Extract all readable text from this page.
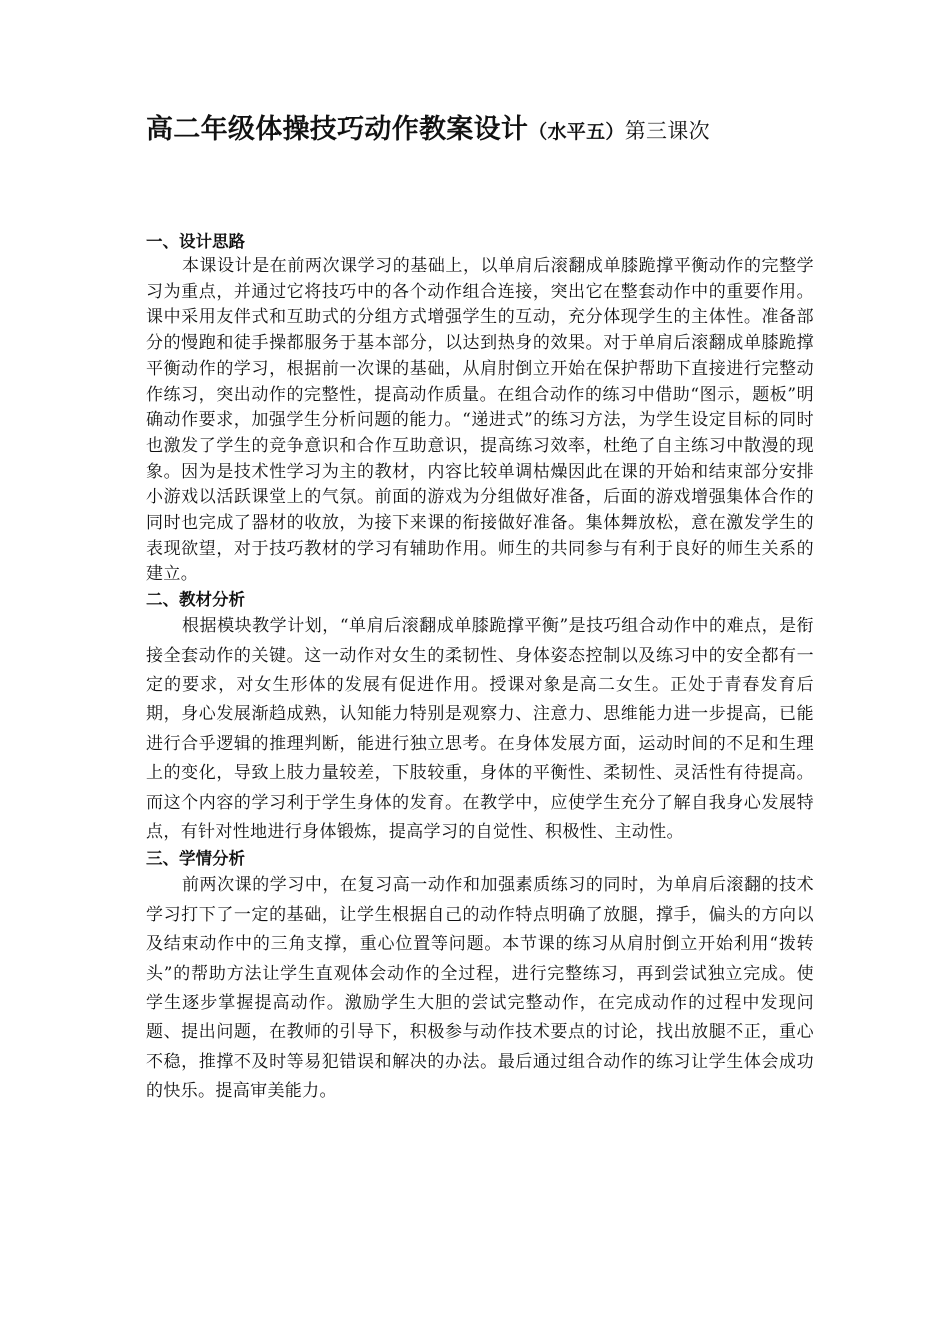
高二年级体操技巧动作教案设计（水平五）第三课次
一、设计思路

本课设计是在前两次课学习的基础上，以单肩后滚翻成单膝跪撑平衡动作的完整学习为重点，并通过它将技巧中的各个动作组合连接，突出它在整套动作中的重要作用。课中采用友伴式和互助式的分组方式增强学生的互动，充分体现学生的主体性。准备部分的慢跑和徒手操都服务于基本部分，以达到热身的效果。对于单肩后滚翻成单膝跪撑平衡动作的学习，根据前一次课的基础，从肩肘倒立开始在保护帮助下直接进行完整动作练习，突出动作的完整性，提高动作质量。在组合动作的练习中借助“图示，题板”明确动作要求，加强学生分析问题的能力。“递进式”的练习方法，为学生设定目标的同时也激发了学生的竞争意识和合作互助意识，提高练习效率，杜绝了自主练习中散漫的现象。因为是技术性学习为主的教材，内容比较单调枯燥因此在课的开始和结束部分安排小游戏以活跃课堂上的气氛。前面的游戏为分组做好准备，后面的游戏增强集体合作的同时也完成了器材的收放，为接下来课的衔接做好准备。集体舞放松，意在激发学生的表现欲望，对于技巧教材的学习有辅助作用。师生的共同参与有利于良好的师生关系的建立。

二、教材分析

根据模块教学计划，“单肩后滚翻成单膝跪撑平衡”是技巧组合动作中的难点，是衔接全套动作的关键。这一动作对女生的柔韧性、身体姿态控制以及练习中的安全都有一定的要求，对女生形体的发展有促进作用。授课对象是高二女生。正处于青春发育后期，身心发展渐趋成熟，认知能力特别是观察力、注意力、思维能力进一步提高，已能进行合乎逻辑的推理判断，能进行独立思考。在身体发展方面，运动时间的不足和生理上的变化，导致上肢力量较差，下肢较重，身体的平衡性、柔韧性、灵活性有待提高。而这个内容的学习利于学生身体的发育。在教学中，应使学生充分了解自我身心发展特点，有针对性地进行身体锻炼，提高学习的自觉性、积极性、主动性。

三、学情分析

前两次课的学习中，在复习高一动作和加强素质练习的同时，为单肩后滚翻的技术学习打下了一定的基础，让学生根据自己的动作特点明确了放腿，撑手，偏头的方向以及结束动作中的三角支撑，重心位置等问题。本节课的练习从肩肘倒立开始利用“拨转头”的帮助方法让学生直观体会动作的全过程，进行完整练习，再到尝试独立完成。使学生逐步掌握提高动作。激励学生大胆的尝试完整动作，在完成动作的过程中发现问题、提出问题，在教师的引导下，积极参与动作技术要点的讨论，找出放腿不正，重心不稳，推撑不及时等易犯错误和解决的办法。最后通过组合动作的练习让学生体会成功的快乐。提高审美能力。
